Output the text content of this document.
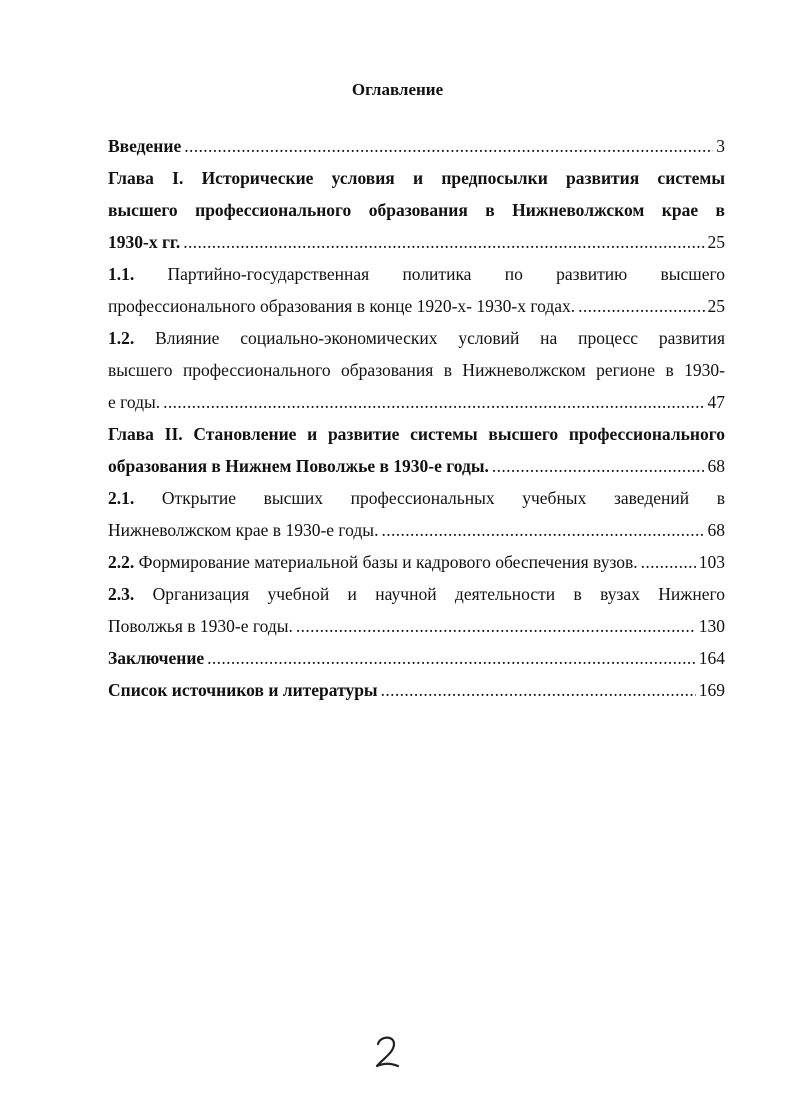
Оглавление
Введение . . .	3
Глава I. Исторические условия и предпосылки развития системы
высшего профессионального образования в Нижневолжском крае в
1930-х гг. . . .	25
1.1. Партийно-государственная политика по развитию высшего
профессионального образования в конце 1920-х- 1930-х годах. . . .	25
1.2. Влияние социально-экономических условий на процесс развития
высшего профессионального образования в Нижневолжском регионе в 1930-
е годы. . . .	47
Глава II. Становление и развитие системы высшего профессионального
образования в Нижнем Поволжье в 1930-е годы. . . .	68
2.1. Открытие высших профессиональных учебных заведений в
Нижневолжском крае в 1930-е годы. . . .	68
2.2. Формирование материальной базы и кадрового обеспечения вузов. . . .	103
2.3. Организация учебной и научной деятельности в вузах Нижнего
Поволжья в 1930-е годы. . . .	130
Заключение . . .	164
Список источников и литературы . . .	169
